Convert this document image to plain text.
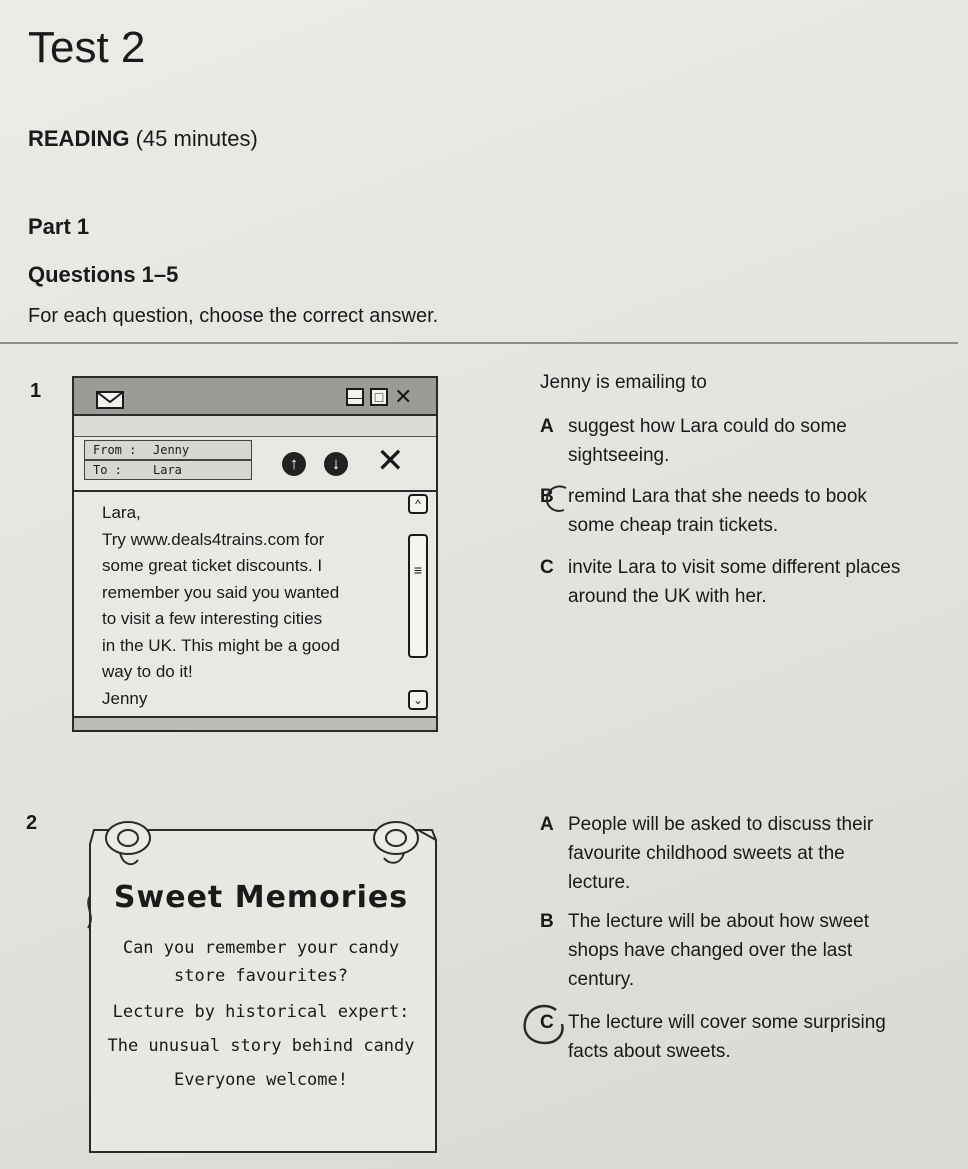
Test 2
READING (45 minutes)
Part 1
Questions 1–5
For each question, choose the correct answer.
1	— □ ✕
From : Jenny
To :	Lara	↑	↓ ✕
Lara,
Try www.deals4trains.com for
some great ticket discounts. I
remember you said you wanted
to visit a few interesting cities
in the UK. This might be a good
way to do it!
Jenny
^
≡
⌄
Jenny is emailing to
A suggest how Lara could do some
sightseeing.
B remind Lara that she needs to book
some cheap train tickets.
C invite Lara to visit some different places
around the UK with her.
2
Sweet Memories
Can you remember your candy
store favourites?
Lecture by historical expert:
The unusual story behind candy
Everyone welcome!
A People will be asked to discuss their
favourite childhood sweets at the
lecture.
B The lecture will be about how sweet
shops have changed over the last
century.
C The lecture will cover some surprising
facts about sweets.
